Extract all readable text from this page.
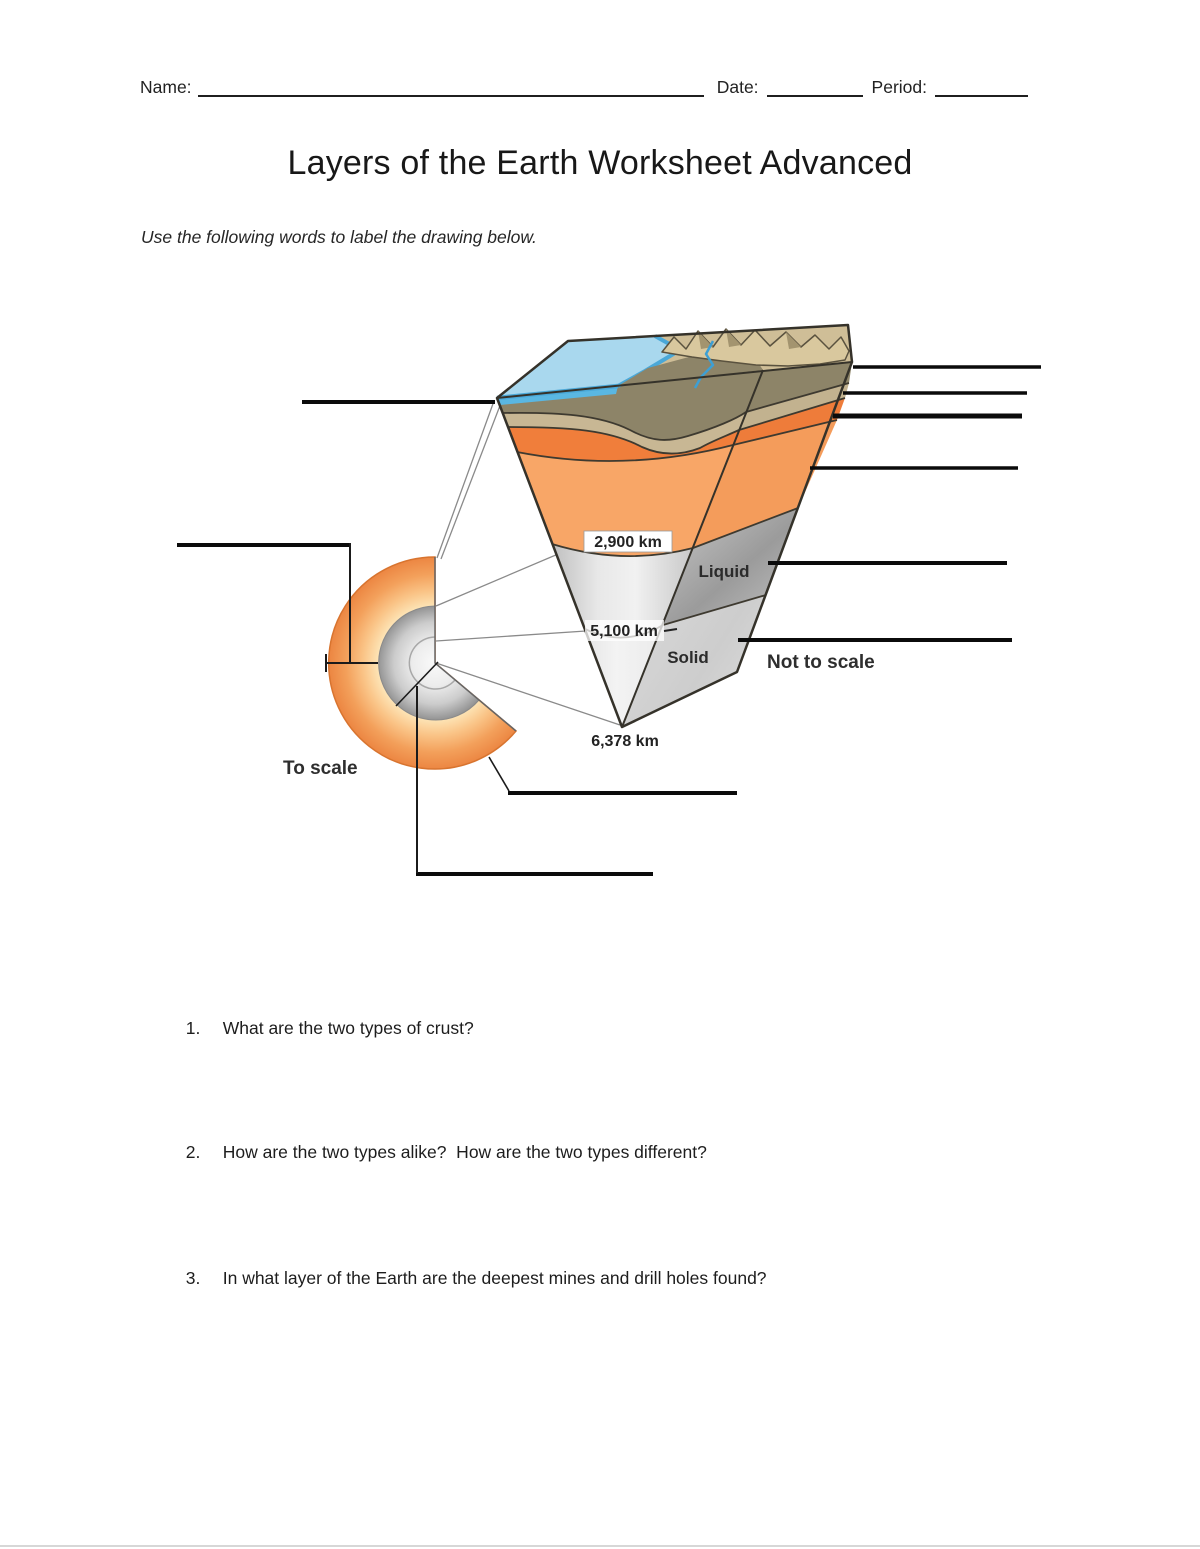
Name:	Date:	Period:
Layers of the Earth Worksheet Advanced
Use the following words to label the drawing below.
2,900 km
5,100 km
6,378 km
Liquid
Solid	Not to scale
To scale

1. What are the two types of crust?

2. How are the two types alike?  How are the two types different?

3. In what layer of the Earth are the deepest mines and drill holes found?
